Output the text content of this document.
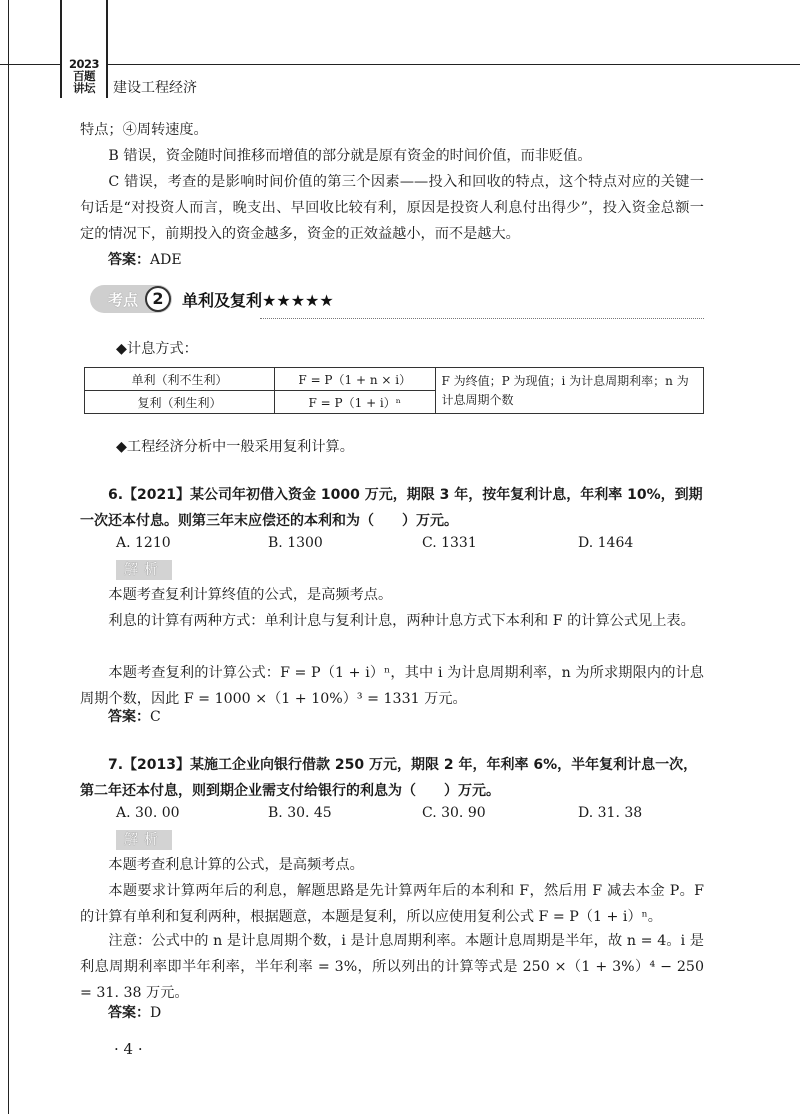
2023
百题
讲坛	建设工程经济

特点；④周转速度。

B 错误，资金随时间推移而增值的部分就是原有资金的时间价值，而非贬值。

C 错误，考查的是影响时间价值的第三个因素——投入和回收的特点，这个特点对应的关键一句话是“对投资人而言，晚支出、早回收比较有利，原因是投资人利息付出得少”，投入资金总额一定的情况下，前期投入的资金越多，资金的正效益越小，而不是越大。

答案：ADE

考点 2	单利及复利★★★★★
◆计息方式：
单利（利不生利）	F = P（1 + n × i）	F 为终值；P 为现值；i 为计息周期利率；n 为计息周期个数
复利（利生利）	F = P（1 + i）ⁿ	
◆工程经济分析中一般采用复利计算。

6.【2021】某公司年初借入资金 1000 万元，期限 3 年，按年复利计息，年利率 10%，到期一次还本付息。则第三年末应偿还的本利和为（　　）万元。

A. 1210	B. 1300	C. 1331	D. 1464
解析

本题考查复利计算终值的公式，是高频考点。

利息的计算有两种方式：单利计息与复利计息，两种计息方式下本利和 F 的计算公式见上表。

本题考查复利的计算公式：F = P（1 + i）ⁿ，其中 i 为计息周期利率，n 为所求期限内的计息周期个数，因此 F = 1000 ×（1 + 10%）³ = 1331 万元。

答案：C

7.【2013】某施工企业向银行借款 250 万元，期限 2 年，年利率 6%，半年复利计息一次，第二年还本付息，则到期企业需支付给银行的利息为（　　）万元。

A. 30. 00	B. 30. 45	C. 30. 90	D. 31. 38
解析

本题考查利息计算的公式，是高频考点。

本题要求计算两年后的利息，解题思路是先计算两年后的本利和 F，然后用 F 减去本金 P。F 的计算有单利和复利两种，根据题意，本题是复利，所以应使用复利公式 F = P（1 + i）ⁿ。

注意：公式中的 n 是计息周期个数，i 是计息周期利率。本题计息周期是半年，故 n = 4。i 是利息周期利率即半年利率，半年利率 = 3%，所以列出的计算等式是 250 ×（1 + 3%）⁴ − 250 = 31. 38 万元。

答案：D

· 4 ·
